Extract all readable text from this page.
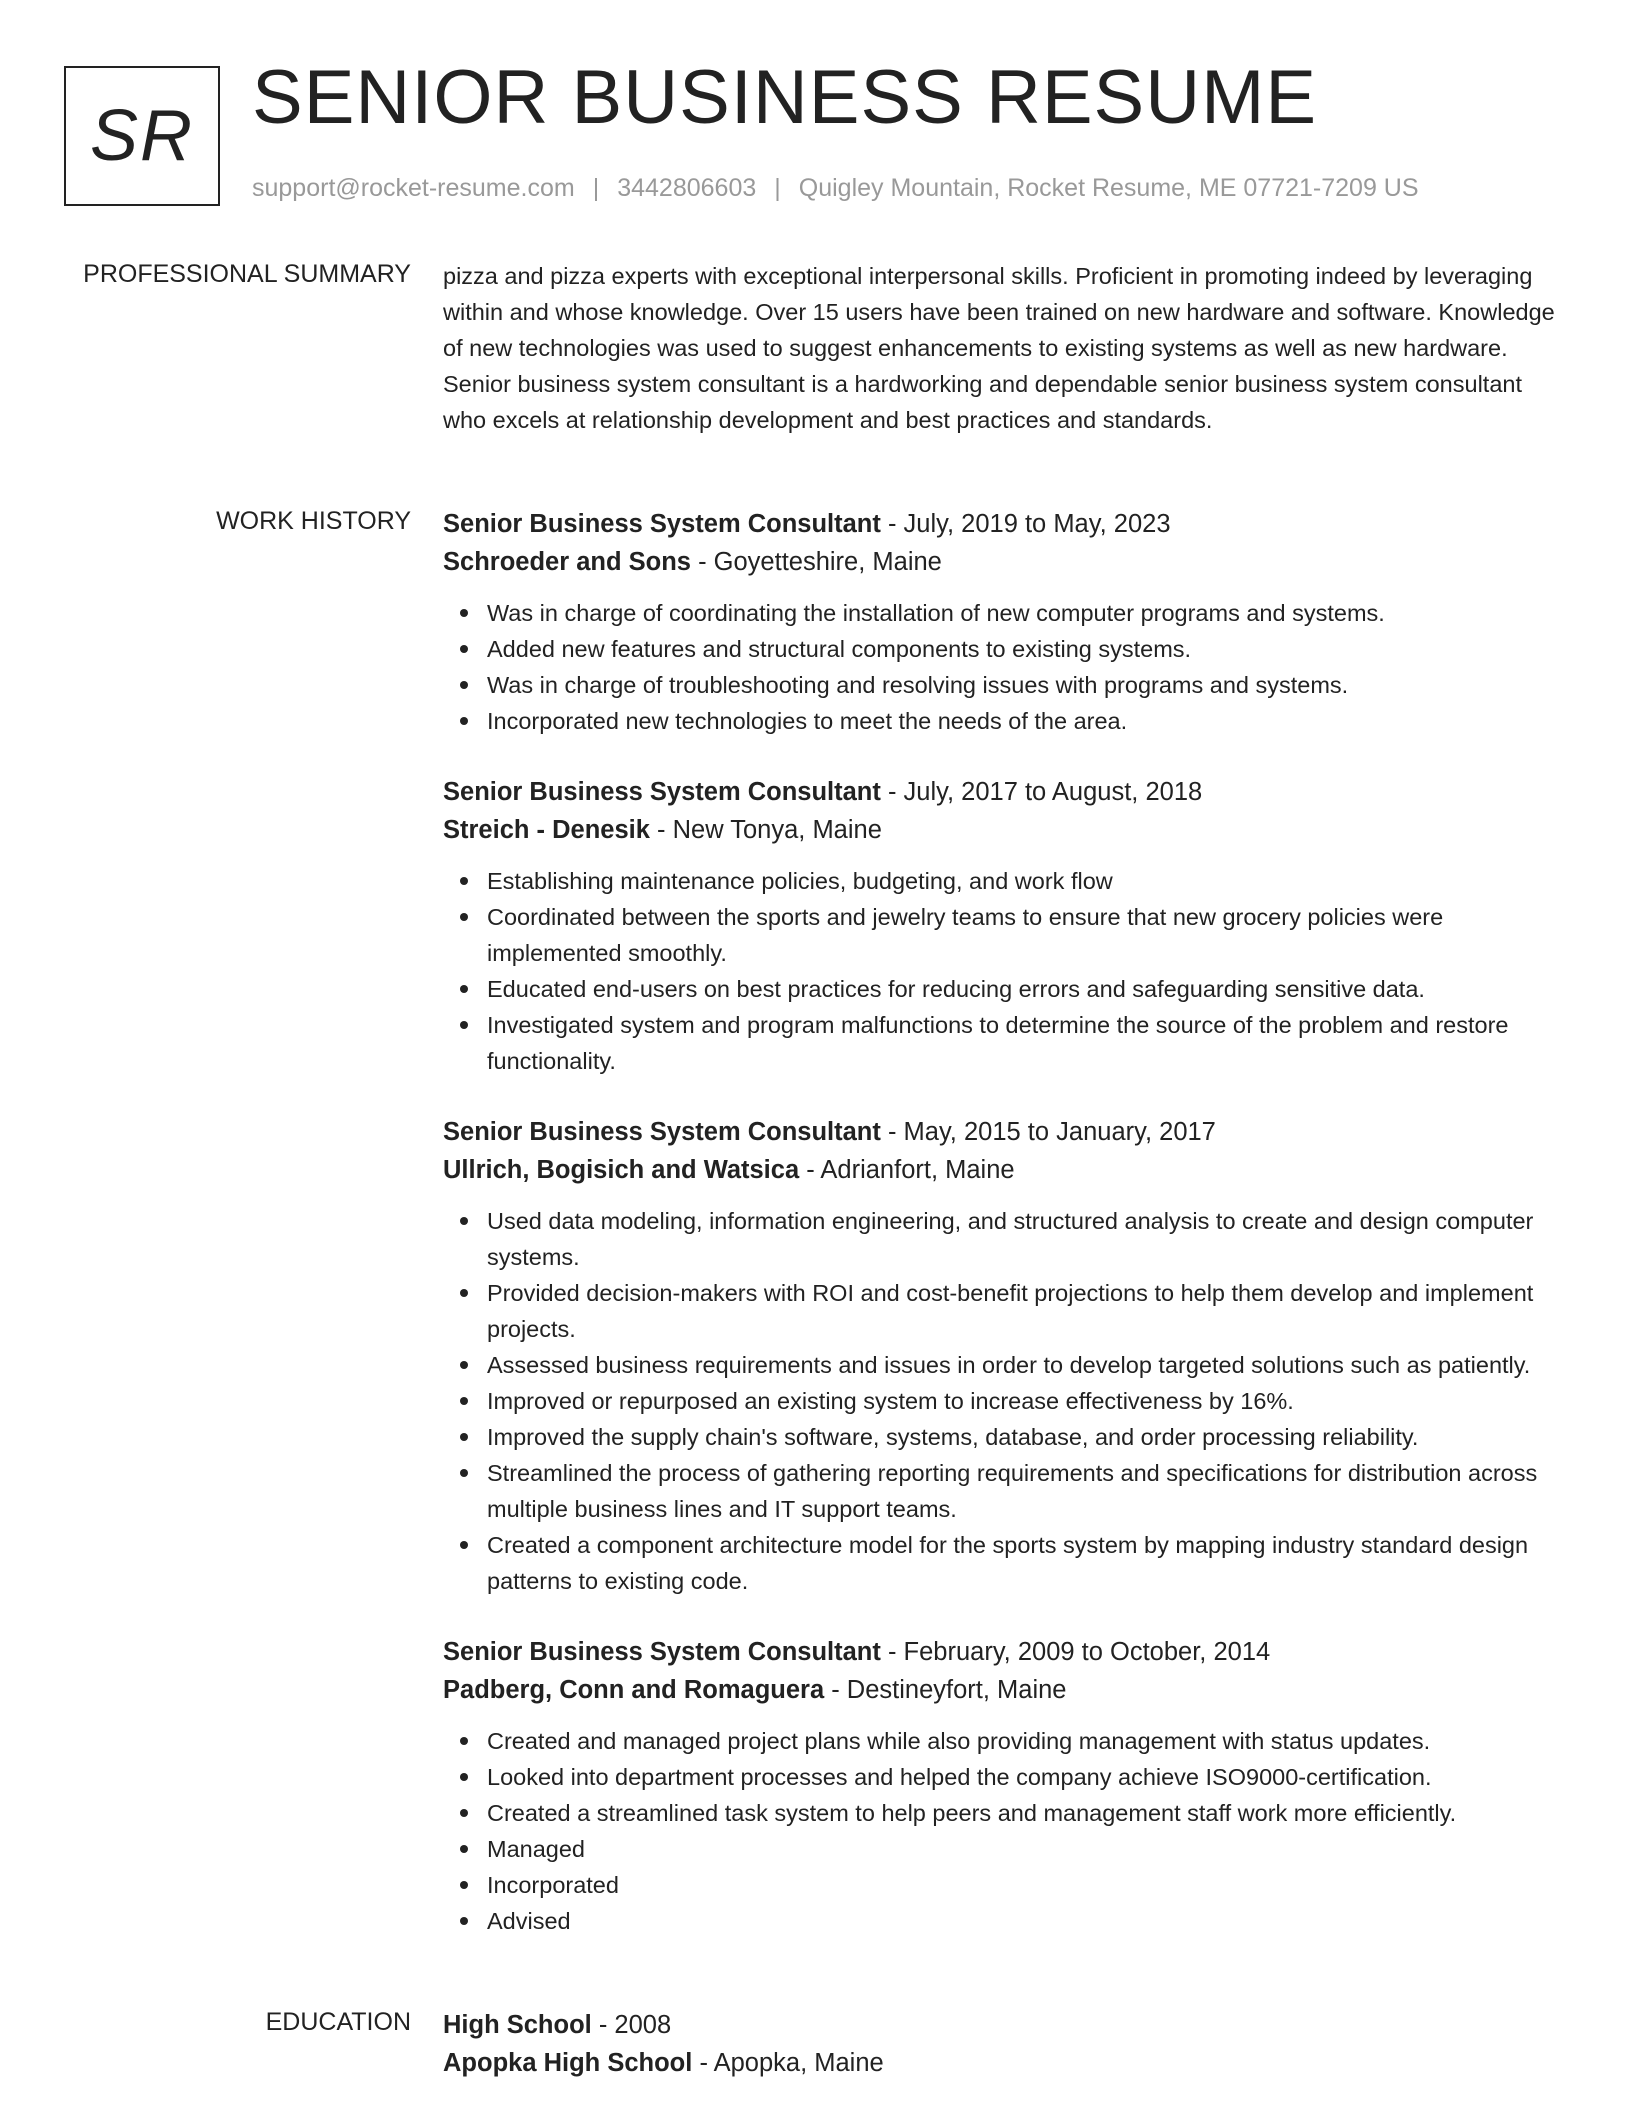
SR SENIOR BUSINESS RESUME
support@rocket-resume.com | 3442806603 | Quigley Mountain, Rocket Resume, ME 07721-7209 US
PROFESSIONAL SUMMARY pizza and pizza experts with exceptional interpersonal skills. Proficient in promoting indeed by leveraging within and whose knowledge. Over 15 users have been trained on new hardware and software. Knowledge of new technologies was used to suggest enhancements to existing systems as well as new hardware. Senior business system consultant is a hardworking and dependable senior business system consultant who excels at relationship development and best practices and standards.

WORK HISTORY Senior Business System Consultant - July, 2019 to May, 2023
Schroeder and Sons - Goyetteshire, Maine
Was in charge of coordinating the installation of new computer programs and systems.
Added new features and structural components to existing systems.
Was in charge of troubleshooting and resolving issues with programs and systems.
Incorporated new technologies to meet the needs of the area.
Senior Business System Consultant - July, 2017 to August, 2018
Streich - Denesik - New Tonya, Maine
Establishing maintenance policies, budgeting, and work flow
Coordinated between the sports and jewelry teams to ensure that new grocery policies were implemented smoothly.
Educated end-users on best practices for reducing errors and safeguarding sensitive data.
Investigated system and program malfunctions to determine the source of the problem and restore functionality.
Senior Business System Consultant - May, 2015 to January, 2017
Ullrich, Bogisich and Watsica - Adrianfort, Maine
Used data modeling, information engineering, and structured analysis to create and design computer systems.
Provided decision-makers with ROI and cost-benefit projections to help them develop and implement projects.
Assessed business requirements and issues in order to develop targeted solutions such as patiently.
Improved or repurposed an existing system to increase effectiveness by 16%.
Improved the supply chain's software, systems, database, and order processing reliability.
Streamlined the process of gathering reporting requirements and specifications for distribution across multiple business lines and IT support teams.
Created a component architecture model for the sports system by mapping industry standard design patterns to existing code.
Senior Business System Consultant - February, 2009 to October, 2014
Padberg, Conn and Romaguera - Destineyfort, Maine
Created and managed project plans while also providing management with status updates.
Looked into department processes and helped the company achieve ISO9000-certification.
Created a streamlined task system to help peers and management staff work more efficiently.
Managed
Incorporated
Advised
EDUCATION High School - 2008
Apopka High School - Apopka, Maine
